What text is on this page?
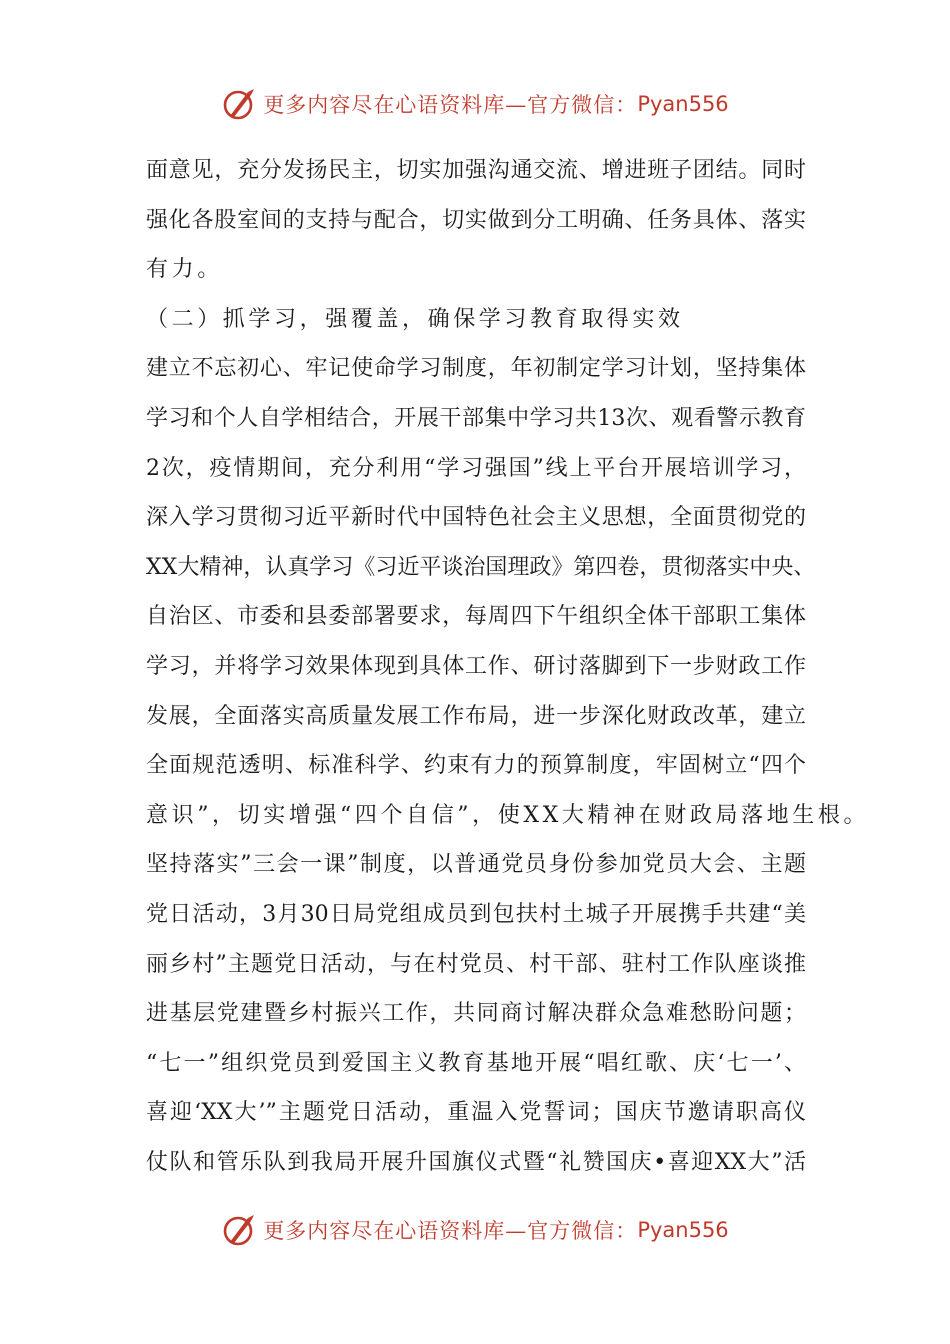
更多内容尽在心语资料库—官方微信： Pyan556
面意见，充分发扬民主，切实加强沟通交流、增进班子团结。同时
强化各股室间的支持与配合，切实做到分工明确、任务具体、落实
有力。
（二）抓学习，强覆盖，确保学习教育取得实效
建立不忘初心、牢记使命学习制度，年初制定学习计划，坚持集体
学习和个人自学相结合，开展干部集中学习共13次、观看警示教育
2次，疫情期间，充分利用“学习强国”线上平台开展培训学习，
深入学习贯彻习近平新时代中国特色社会主义思想，全面贯彻党的
XX大精神，认真学习《习近平谈治国理政》第四卷，贯彻落实中央、
自治区、市委和县委部署要求，每周四下午组织全体干部职工集体
学习，并将学习效果体现到具体工作、研讨落脚到下一步财政工作
发展，全面落实高质量发展工作布局，进一步深化财政改革，建立
全面规范透明、标准科学、约束有力的预算制度，牢固树立“四个
意识”，切实增强“四个自信”，使XX大精神在财政局落地生根。
坚持落实”三会一课”制度，以普通党员身份参加党员大会、主题
党日活动，3月30日局党组成员到包扶村土城子开展携手共建“美
丽乡村”主题党日活动，与在村党员、村干部、驻村工作队座谈推
进基层党建暨乡村振兴工作，共同商讨解决群众急难愁盼问题；
“七一”组织党员到爱国主义教育基地开展“唱红歌、庆‘七一’、
喜迎‘XX大’”主题党日活动，重温入党誓词；国庆节邀请职高仪
仗队和管乐队到我局开展升国旗仪式暨“礼赞国庆•喜迎XX大”活
更多内容尽在心语资料库—官方微信： Pyan556
